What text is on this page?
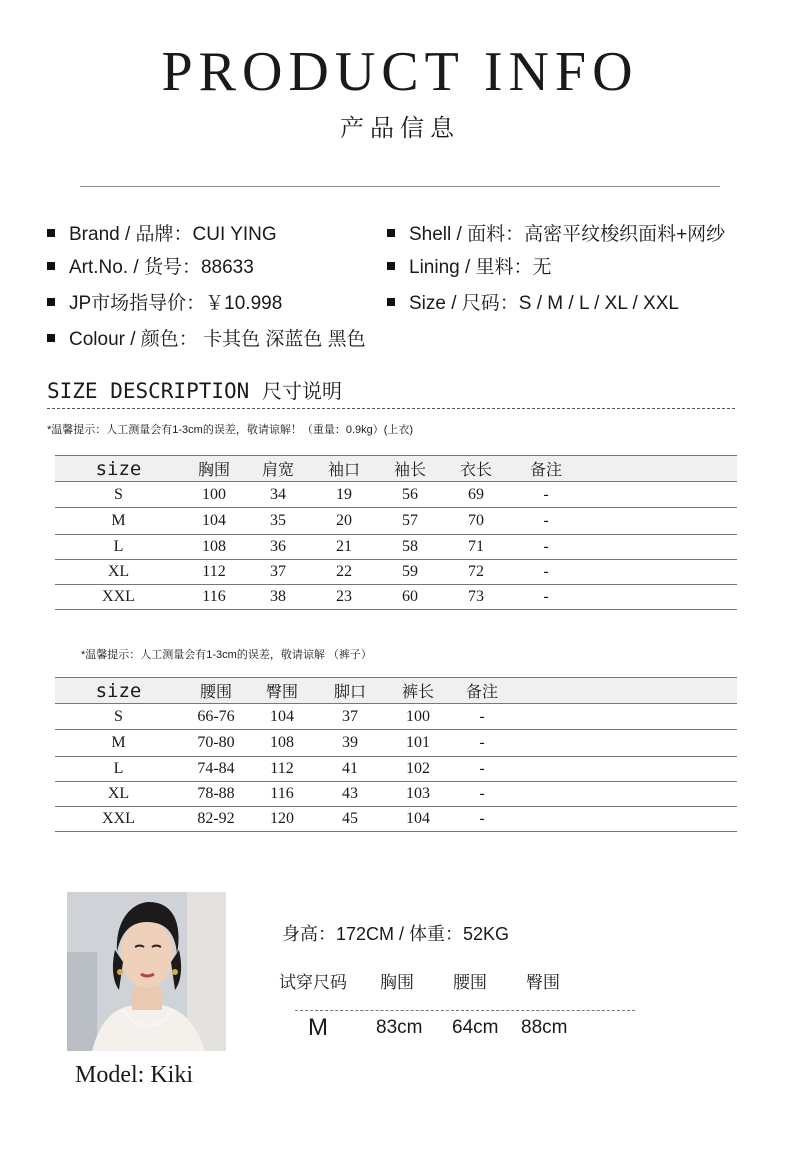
PRODUCT INFO
产品信息
Brand / 品牌：CUI YING
Art.No. / 货号：88633
JP市场指导价：￥10.998
Colour / 颜色： 卡其色 深蓝色 黑色
Shell / 面料：高密平纹梭织面料+网纱
Lining / 里料：无
Size / 尺码：S / M / L / XL / XXL
SIZE DESCRIPTION 尺寸说明
*温馨提示：人工测量会有1-3cm的误差，敬请谅解！（重量：0.9kg）(上衣)
size	胸围	肩宽	袖口	袖长	衣长	备注	
S	100	34	19	56	69	-	
M	104	35	20	57	70	-	
L	108	36	21	58	71	-	
XL	112	37	22	59	72	-	
XXL	116	38	23	60	73	-	
*温馨提示：人工测量会有1-3cm的误差，敬请谅解 （裤子）
size	腰围	臀围	脚口	裤长	备注	
S	66-76	104	37	100	-	
M	70-80	108	39	101	-	
L	74-84	112	41	102	-	
XL	78-88	116	43	103	-	
XXL	82-92	120	45	104	-	
Model: Kiki
身高：172CM / 体重：52KG
试穿尺码 胸围 腰围 臀围
M	83cm 64cm 88cm
